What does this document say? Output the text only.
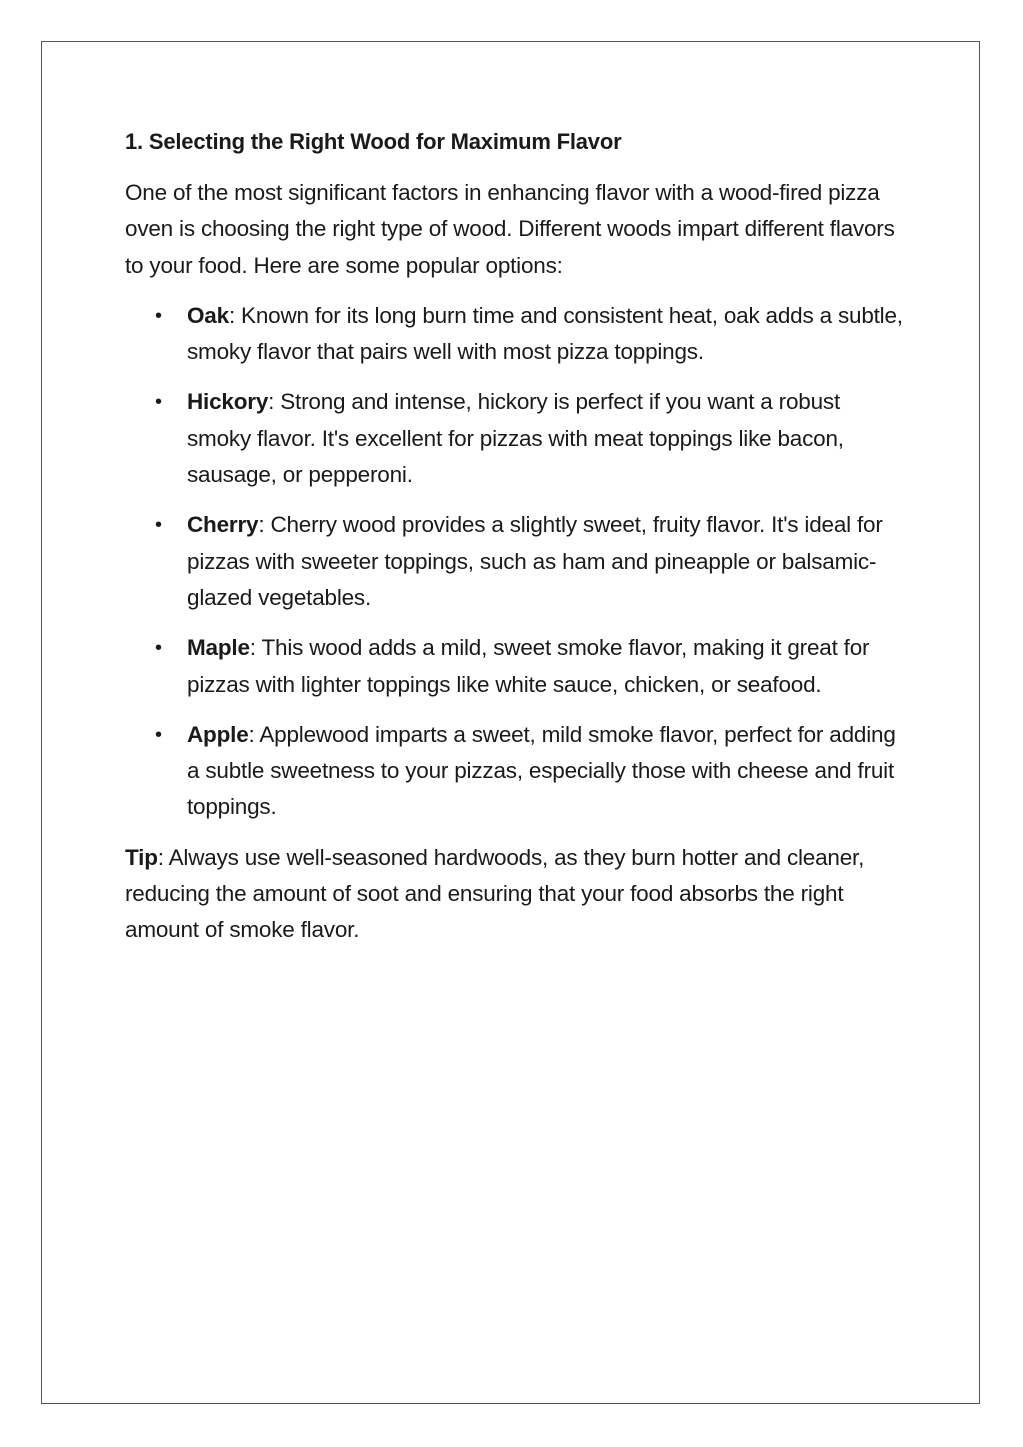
1. Selecting the Right Wood for Maximum Flavor

One of the most significant factors in enhancing flavor with a wood-fired pizza oven is choosing the right type of wood. Different woods impart different flavors to your food. Here are some popular options:

• Oak: Known for its long burn time and consistent heat, oak adds a subtle, smoky flavor that pairs well with most pizza toppings.
• Hickory: Strong and intense, hickory is perfect if you want a robust smoky flavor. It's excellent for pizzas with meat toppings like bacon, sausage, or pepperoni.
• Cherry: Cherry wood provides a slightly sweet, fruity flavor. It's ideal for pizzas with sweeter toppings, such as ham and pineapple or balsamic-glazed vegetables.
• Maple: This wood adds a mild, sweet smoke flavor, making it great for pizzas with lighter toppings like white sauce, chicken, or seafood.
• Apple: Applewood imparts a sweet, mild smoke flavor, perfect for adding a subtle sweetness to your pizzas, especially those with cheese and fruit toppings.

Tip: Always use well-seasoned hardwoods, as they burn hotter and cleaner, reducing the amount of soot and ensuring that your food absorbs the right amount of smoke flavor.
